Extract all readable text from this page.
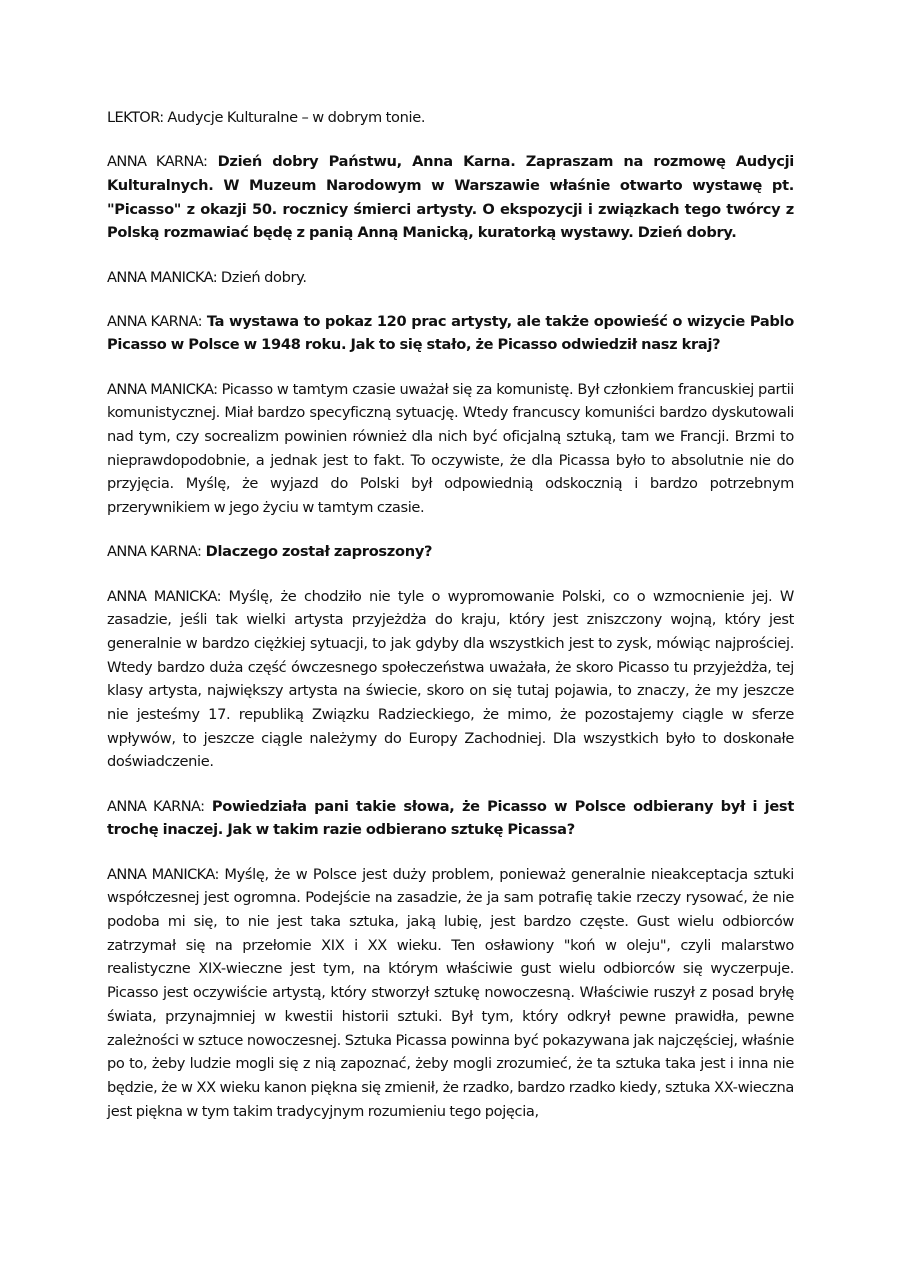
LEKTOR: Audycje Kulturalne – w dobrym tonie.

ANNA KARNA: Dzień dobry Państwu, Anna Karna. Zapraszam na rozmowę Audycji Kulturalnych. W Muzeum Narodowym w Warszawie właśnie otwarto wystawę pt. "Picasso" z okazji 50. rocznicy śmierci artysty. O ekspozycji i związkach tego twórcy z Polską rozmawiać będę z panią Anną Manicką, kuratorką wystawy. Dzień dobry.

ANNA MANICKA: Dzień dobry.

ANNA KARNA: Ta wystawa to pokaz 120 prac artysty, ale także opowieść o wizycie Pablo Picasso w Polsce w 1948 roku. Jak to się stało, że Picasso odwiedził nasz kraj?

ANNA MANICKA: Picasso w tamtym czasie uważał się za komunistę. Był członkiem francuskiej partii komunistycznej. Miał bardzo specyficzną sytuację. Wtedy francuscy komuniści bardzo dyskutowali nad tym, czy socrealizm powinien również dla nich być oficjalną sztuką, tam we Francji. Brzmi to nieprawdopodobnie, a jednak jest to fakt. To oczywiste, że dla Picassa było to absolutnie nie do przyjęcia. Myślę, że wyjazd do Polski był odpowiednią odskocznią i bardzo potrzebnym przerywnikiem w jego życiu w tamtym czasie.

ANNA KARNA: Dlaczego został zaproszony?

ANNA MANICKA: Myślę, że chodziło nie tyle o wypromowanie Polski, co o wzmocnienie jej. W zasadzie, jeśli tak wielki artysta przyjeżdża do kraju, który jest zniszczony wojną, który jest generalnie w bardzo ciężkiej sytuacji, to jak gdyby dla wszystkich jest to zysk, mówiąc najprościej. Wtedy bardzo duża część ówczesnego społeczeństwa uważała, że skoro Picasso tu przyjeżdża, tej klasy artysta, największy artysta na świecie, skoro on się tutaj pojawia, to znaczy, że my jeszcze nie jesteśmy 17. republiką Związku Radzieckiego, że mimo, że pozostajemy ciągle w sferze wpływów, to jeszcze ciągle należymy do Europy Zachodniej. Dla wszystkich było to doskonałe doświadczenie.

ANNA KARNA: Powiedziała pani takie słowa, że Picasso w Polsce odbierany był i jest trochę inaczej. Jak w takim razie odbierano sztukę Picassa?

ANNA MANICKA: Myślę, że w Polsce jest duży problem, ponieważ generalnie nieakceptacja sztuki współczesnej jest ogromna. Podejście na zasadzie, że ja sam potrafię takie rzeczy rysować, że nie podoba mi się, to nie jest taka sztuka, jaką lubię, jest bardzo częste. Gust wielu odbiorców zatrzymał się na przełomie XIX i XX wieku. Ten osławiony "koń w oleju", czyli malarstwo realistyczne XIX-wieczne jest tym, na którym właściwie gust wielu odbiorców się wyczerpuje. Picasso jest oczywiście artystą, który stworzył sztukę nowoczesną. Właściwie ruszył z posad bryłę świata, przynajmniej w kwestii historii sztuki. Był tym, który odkrył pewne prawidła, pewne zależności w sztuce nowoczesnej. Sztuka Picassa powinna być pokazywana jak najczęściej, właśnie po to, żeby ludzie mogli się z nią zapoznać, żeby mogli zrozumieć, że ta sztuka taka jest i inna nie będzie, że w XX wieku kanon piękna się zmienił, że rzadko, bardzo rzadko kiedy, sztuka XX-wieczna jest piękna w tym takim tradycyjnym rozumieniu tego pojęcia,
